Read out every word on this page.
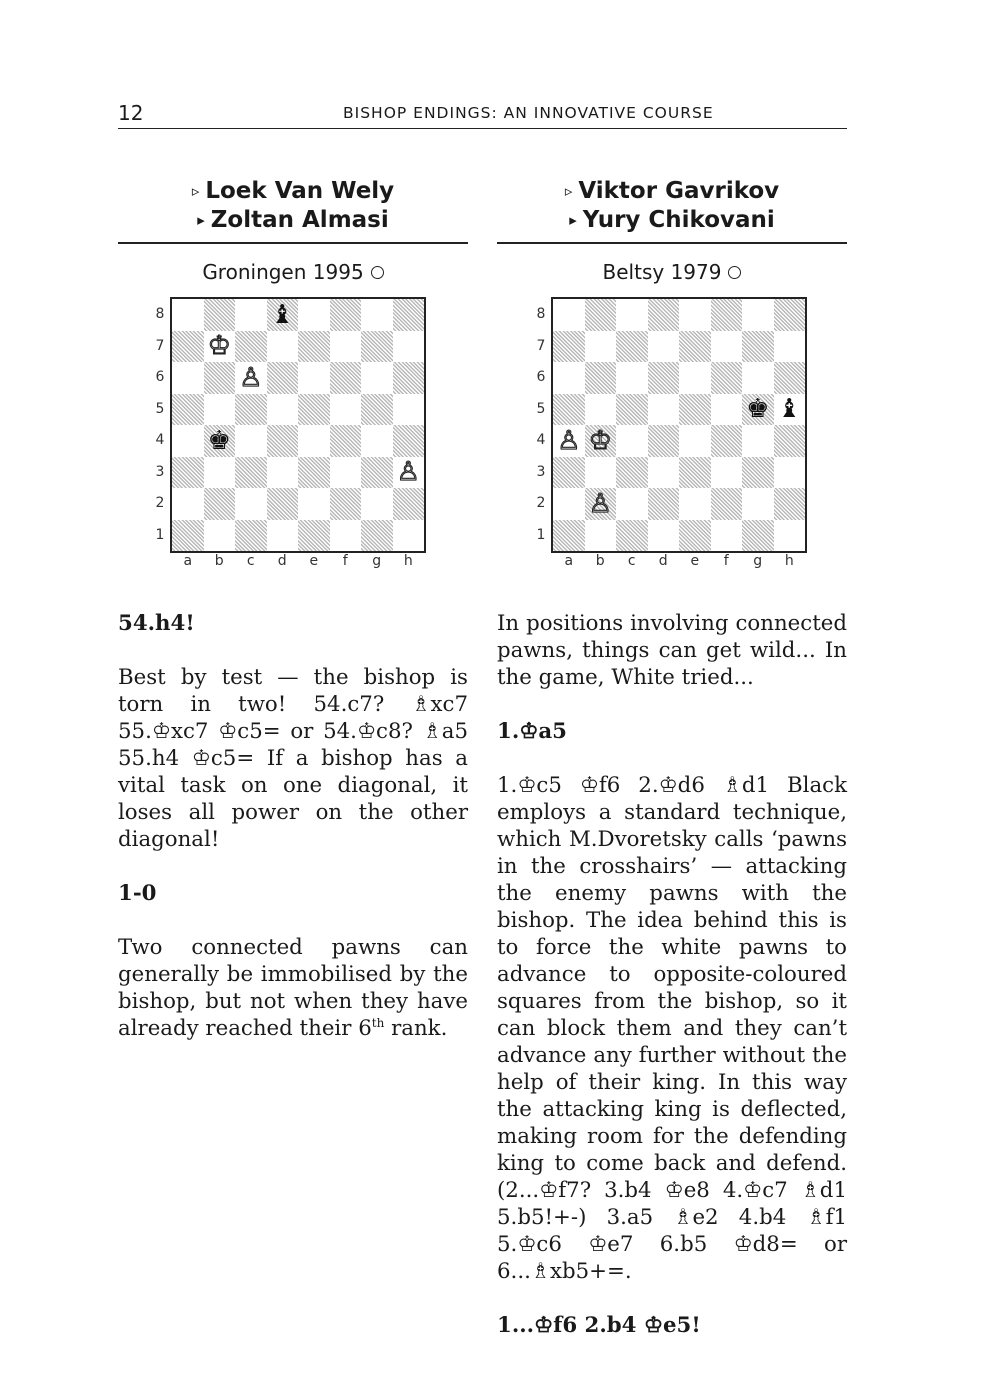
12	BISHOP ENDINGS: AN INNOVATIVE COURSE
▹ Loek Van Wely
▸ Zoltan Almasi
Groningen 1995
♝
♔
♙
♚
♙
8
7
6
5
4
3
2
1
a	b	c	d	e	f	g	h
▹ Viktor Gavrikov
▸ Yury Chikovani
Beltsy 1979
♚ ♝
♙ ♔
♙
8
7
6
5
4
3
2
1
a	b	c	d	e	f	g	h

54.h4!

Best by test — the bishop is torn in two! 54.c7? ♗xc7 55.♔xc7 ♔c5= or 54.♔c8? ♗a5 55.h4 ♔c5= If a bishop has a vital task on one diagonal, it loses all power on the other diagonal!

1-0

Two connected pawns can generally be immobilised by the bishop, but not when they have already reached their 6th rank.

In positions involving connected pawns, things can get wild... In the game, White tried...

1.♔a5

1.♔c5 ♔f6 2.♔d6 ♗d1 Black employs a standard technique, which M.Dvoretsky calls ‘pawns in the crosshairs’ — attacking the enemy pawns with the bishop. The idea behind this is to force the white pawns to advance to opposite-coloured squares from the bishop, so it can block them and they can’t advance any further without the help of their king. In this way the attacking king is deflected, making room for the defending king to come back and defend. (2...♔f7? 3.b4 ♔e8 4.♔c7 ♗d1 5.b5!+-) 3.a5 ♗e2 4.b4 ♗f1 5.♔c6 ♔e7 6.b5 ♔d8= or 6...♗xb5+=.

1...♔f6 2.b4 ♔e5!
